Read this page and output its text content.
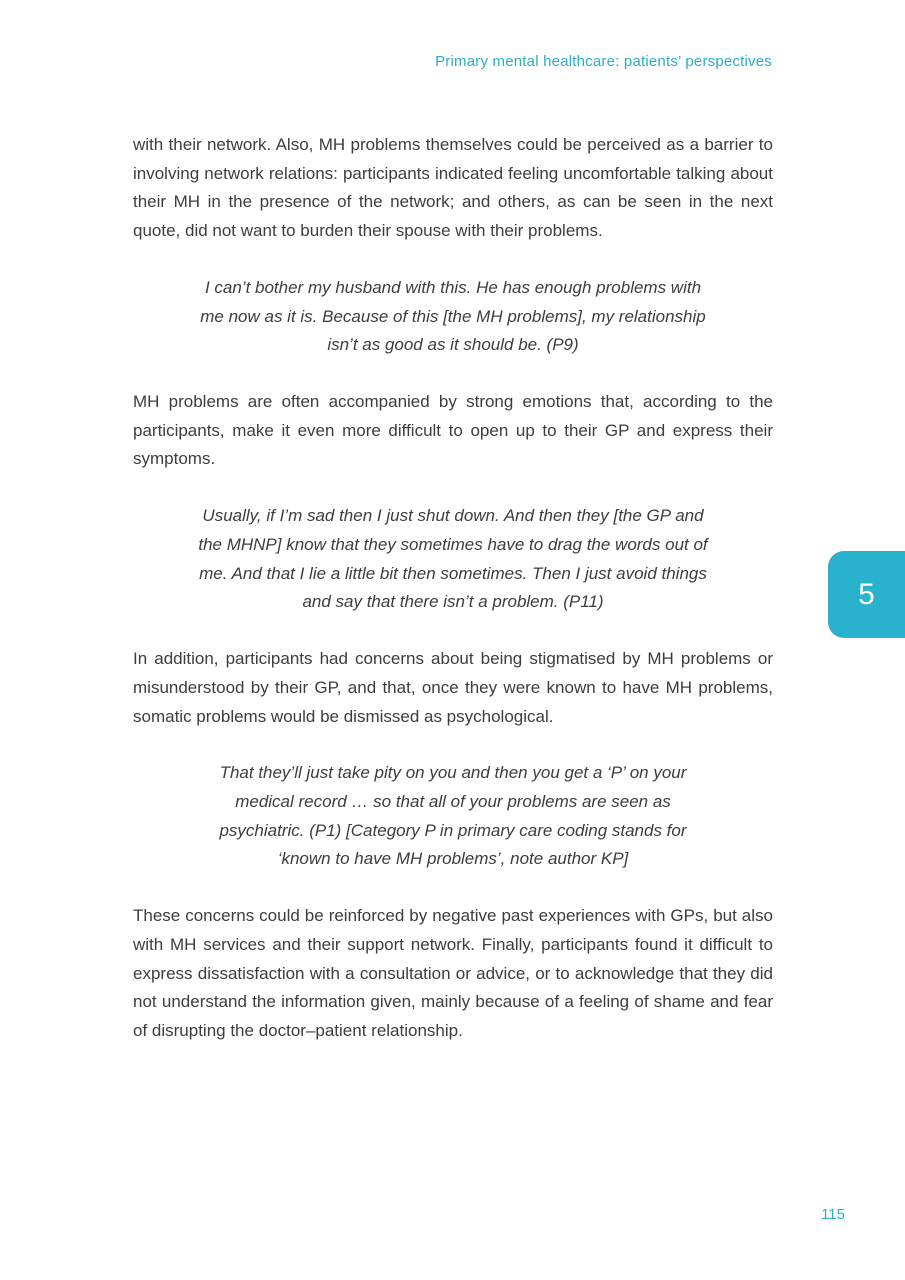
Primary mental healthcare: patients’ perspectives

with their network. Also, MH problems themselves could be perceived as a barrier to involving network relations: participants indicated feeling uncomfortable talking about their MH in the presence of the network; and others, as can be seen in the next quote, did not want to burden their spouse with their problems.

I can’t bother my husband with this. He has enough problems with me now as it is. Because of this [the MH problems], my relationship isn’t as good as it should be. (P9)

MH problems are often accompanied by strong emotions that, according to the participants, make it even more difficult to open up to their GP and express their symptoms.

Usually, if I’m sad then I just shut down. And then they [the GP and the MHNP] know that they sometimes have to drag the words out of me. And that I lie a little bit then sometimes. Then I just avoid things and say that there isn’t a problem. (P11)

In addition, participants had concerns about being stigmatised by MH problems or misunderstood by their GP, and that, once they were known to have MH problems, somatic problems would be dismissed as psychological.

That they’ll just take pity on you and then you get a ‘P’ on your medical record … so that all of your problems are seen as psychiatric. (P1) [Category P in primary care coding stands for ‘known to have MH problems’, note author KP]

These concerns could be reinforced by negative past experiences with GPs, but also with MH services and their support network. Finally, participants found it difficult to express dissatisfaction with a consultation or advice, or to acknowledge that they did not understand the information given, mainly because of a feeling of shame and fear of disrupting the doctor–patient relationship.

5
115
